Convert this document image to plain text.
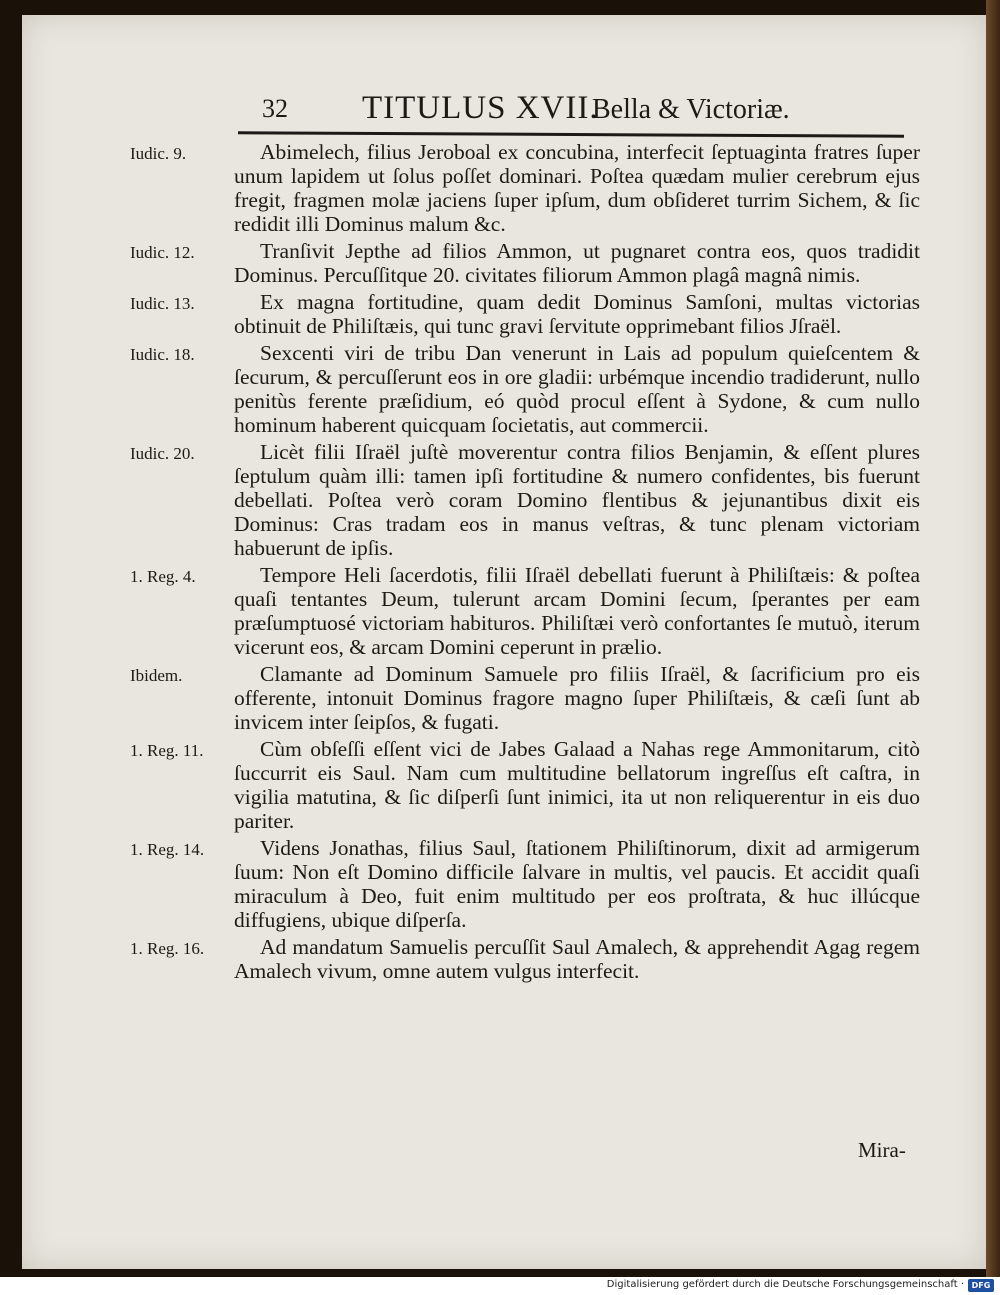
32 TITULUS XVII.
Bella & Victoriæ.
Iudic. 9.	Abimelech, filius Jeroboal ex concubina, interfecit ſeptuaginta fratres ſuper unum lapidem ut ſolus poſſet dominari. Poſtea quædam mulier cerebrum ejus fregit, fragmen molæ jaciens ſuper ipſum, dum obſideret turrim Sichem, & ſic redidit illi Dominus malum &c.
Iudic. 12.	Tranſivit Jepthe ad filios Ammon, ut pugnaret contra eos, quos tradidit Dominus. Percuſſitque 20. civitates filiorum Ammon plagâ magnâ nimis.
Iudic. 13.	Ex magna fortitudine, quam dedit Dominus Samſoni, multas victorias obtinuit de Philiſtæis, qui tunc gravi ſervitute opprimebant filios Jſraël.
Iudic. 18.	Sexcenti viri de tribu Dan venerunt in Lais ad populum quieſcentem & ſecurum, & percuſſerunt eos in ore gladii: urbémque incendio tradiderunt, nullo penitùs ferente præſidium, eó quòd procul eſſent à Sydone, & cum nullo hominum haberent quicquam ſocietatis, aut commercii.
Iudic. 20.	Licèt filii Iſraël juſtè moverentur contra filios Benjamin, & eſſent plures ſeptulum quàm illi: tamen ipſi fortitudine & numero confidentes, bis fuerunt debellati. Poſtea verò coram Domino flentibus & jejunantibus dixit eis Dominus: Cras tradam eos in manus veſtras, & tunc plenam victoriam habuerunt de ipſis.
1. Reg. 4.	Tempore Heli ſacerdotis, filii Iſraël debellati fuerunt à Philiſtæis: & poſtea quaſi tentantes Deum, tulerunt arcam Domini ſecum, ſperantes per eam præſumptuosé victoriam habituros. Philiſtæi verò confortantes ſe mutuò, iterum vicerunt eos, & arcam Domini ceperunt in prælio.
Ibidem.	Clamante ad Dominum Samuele pro filiis Iſraël, & ſacrificium pro eis offerente, intonuit Dominus fragore magno ſuper Philiſtæis, & cæſi ſunt ab invicem inter ſeipſos, & fugati.
1. Reg. 11.	Cùm obſeſſi eſſent vici de Jabes Galaad a Nahas rege Ammonitarum, citò ſuccurrit eis Saul. Nam cum multitudine bellatorum ingreſſus eſt caſtra, in vigilia matutina, & ſic diſperſi ſunt inimici, ita ut non reliquerentur in eis duo pariter.
1. Reg. 14.	Videns Jonathas, filius Saul, ſtationem Philiſtinorum, dixit ad armigerum ſuum: Non eſt Domino difficile ſalvare in multis, vel paucis. Et accidit quaſi miraculum à Deo, fuit enim multitudo per eos proſtrata, & huc illúcque diffugiens, ubique diſperſa.
1. Reg. 16.	Ad mandatum Samuelis percuſſit Saul Amalech, & apprehendit Agag regem Amalech vivum, omne autem vulgus interfecit.
Mira-
Digitalisierung gefördert durch die Deutsche Forschungsgemeinschaft · DFG
